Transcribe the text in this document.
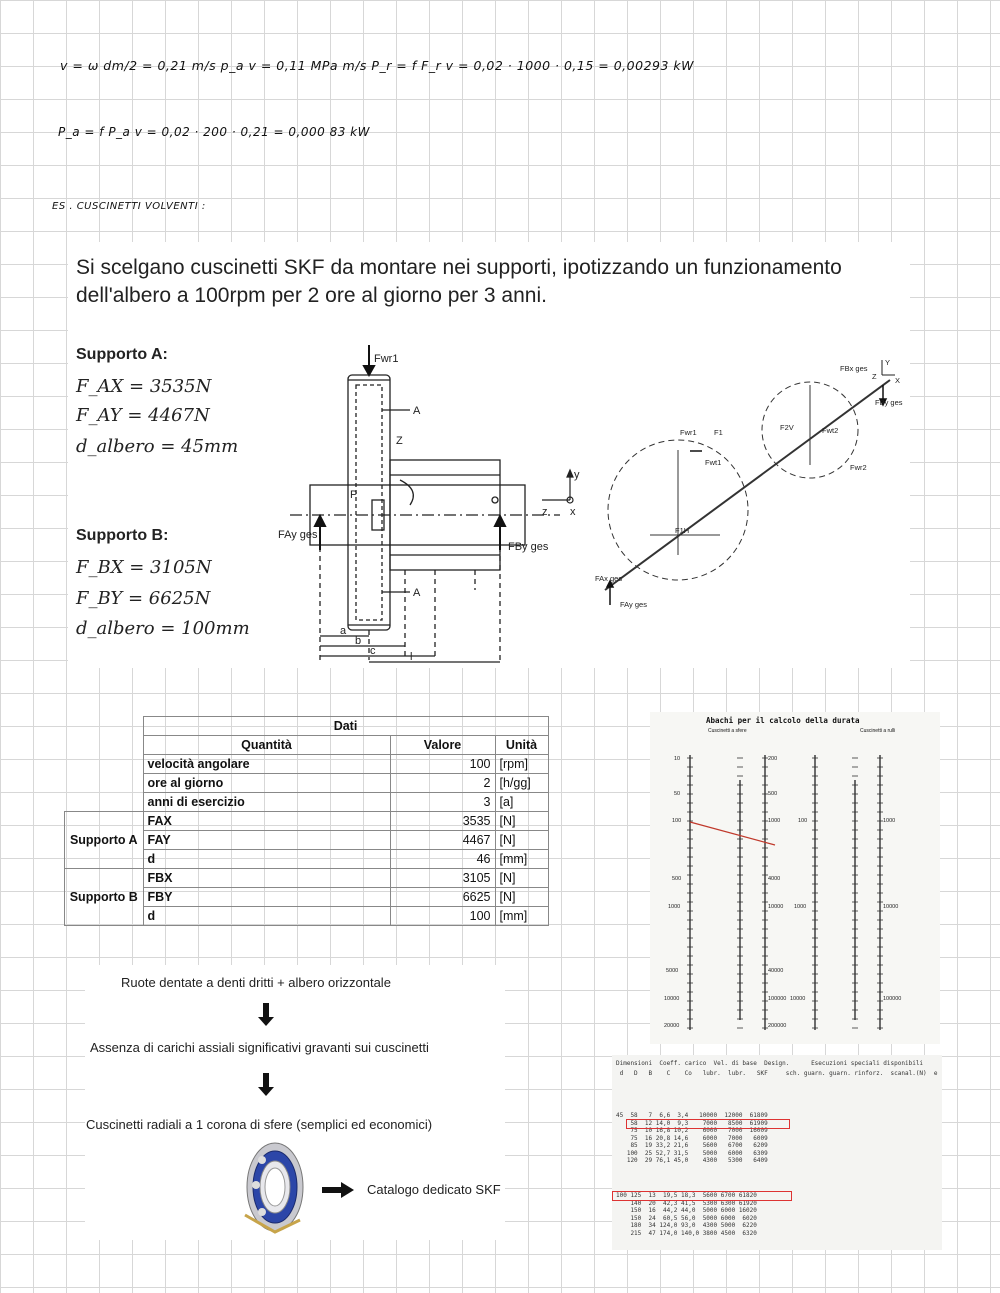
v = ω dm/2 = 0,21 m/s p_a v = 0,11 MPa m/s P_r = f F_r v = 0,02 · 1000 · 0,15 = 0,00293 kW
P_a = f P_a v = 0,02 · 200 · 0,21 = 0,000 83 kW
ES . CUSCINETTI VOLVENTI :
Si scelgano cuscinetti SKF da montare nei supporti, ipotizzando un funzionamento dell'albero a 100rpm per 2 ore al giorno per 3 anni.
Supporto A:
F_AX = 3535N
F_AY = 4467N
d_albero = 45mm
Supporto B:
F_BX = 3105N
F_BY = 6625N
d_albero = 100mm
Fwr1
A
A
Z
P
FAy ges
FBy ges
y
z x
a
b
c	l
FBx ges
FBy ges
Y
X
Z
F1
F2V
F1H
Fwr1
Fwt1
Fwr2
Fwt2
FAx ges
FAy ges
	Dati		
	Quantità	Valore	Unità
	velocità angolare	100	[rpm]
	ore al giorno	2	[h/gg]
	anni di esercizio	3	[a]
Supporto A	FAX	3535	[N]
	FAY	4467	[N]
	d	46	[mm]
Supporto B	FBX	3105	[N]
	FBY	6625	[N]
	d	100	[mm]
Ruote dentate a denti dritti + albero orizzontale
Assenza di carichi assiali significativi gravanti sui cuscinetti
Cuscinetti radiali a 1 corona di sfere (semplici ed economici)
Catalogo dedicato SKF
Abachi per il calcolo della durata
Cuscinetti a sfere	Cuscinetti a rulli
10
50
100
500
1000
5000
10000
20000
200
500
1000
4000
10000
40000
100000
200000
100
1000
10000
1000
10000
100000
Dimensioni  Coeff. carico  Vel. di base  Design.      Esecuzioni speciali disponibili
d   D   B    C    Co   lubr.  lubr.   SKF     sch. guarn. guarn. rinforz.  scanal.(N)  e
45  58   7  6,6  3,4   10000  12000  61809
58  12 14,0  9,3    7000   8500  61909
75  10 16,8 10,2    6000   7000  16009
75  16 20,8 14,6    6000   7000   6009
85  19 33,2 21,6    5600   6700   6209
100  25 52,7 31,5    5000   6000   6309
120  29 76,1 45,0    4300   5300   6409
100 125  13  19,5 18,3  5600 6700 61820
140  20  42,3 41,5  5300 6300 61920
150  16  44,2 44,0  5000 6000 16020
150  24  60,5 56,0  5000 6000  6020
180  34 124,0 93,0  4300 5000  6220
215  47 174,0 140,0 3800 4500  6320
